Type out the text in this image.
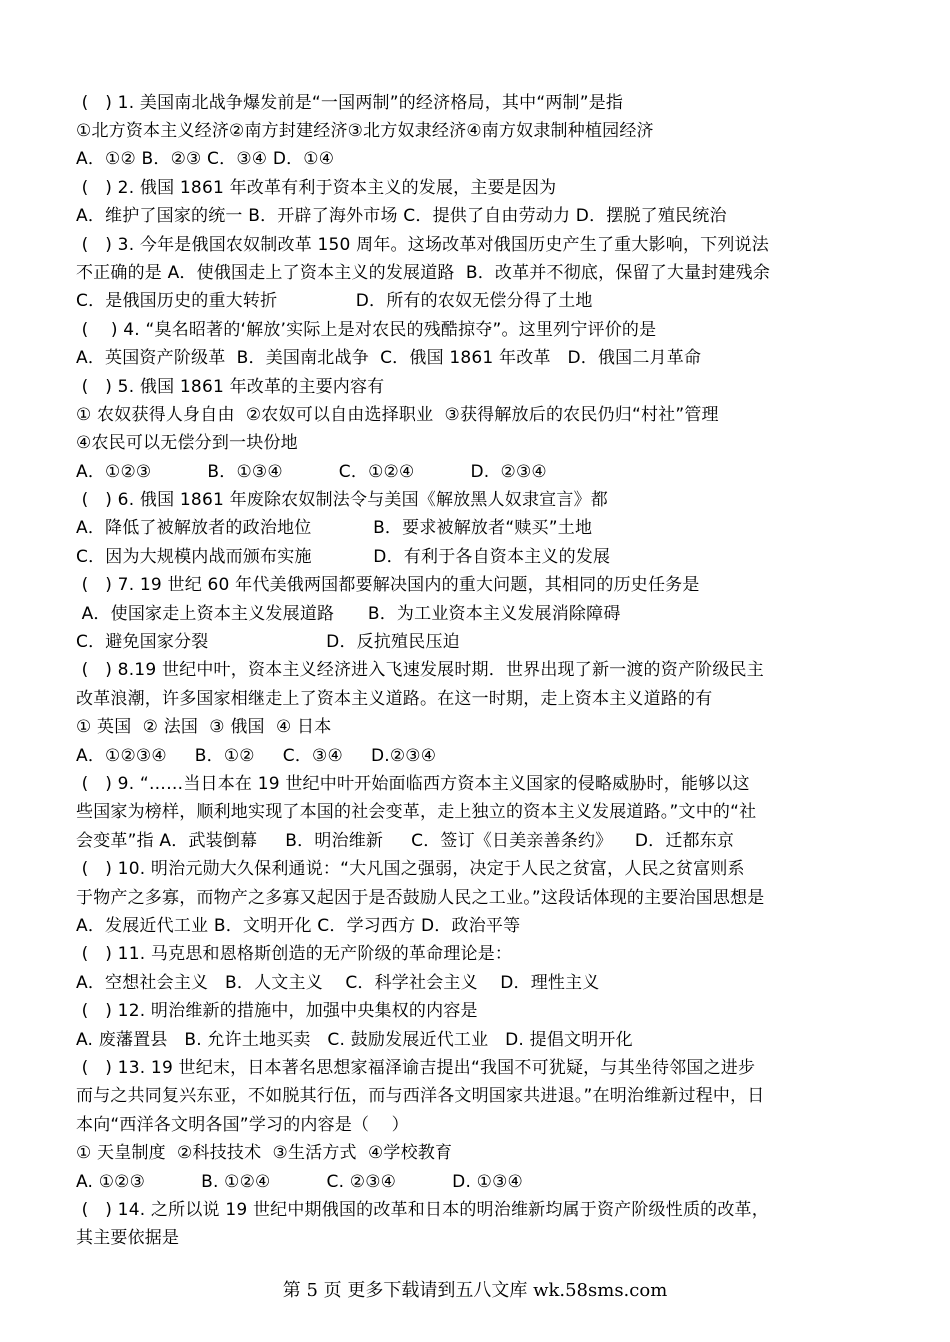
(   ) 1. 美国南北战争爆发前是“一国两制”的经济格局，其中“两制”是指
①北方资本主义经济②南方封建经济③北方奴隶经济④南方奴隶制种植园经济
A．①② B．②③ C．③④ D．①④
(   ) 2. 俄国 1861 年改革有利于资本主义的发展，主要是因为
A．维护了国家的统一 B．开辟了海外市场 C．提供了自由劳动力 D．摆脱了殖民统治
(   ) 3. 今年是俄国农奴制改革 150 周年。这场改革对俄国历史产生了重大影响，下列说法
不正确的是 A．使俄国走上了资本主义的发展道路  B．改革并不彻底，保留了大量封建残余
C．是俄国历史的重大转折              D．所有的农奴无偿分得了土地
(    ) 4. “臭名昭著的‘解放’实际上是对农民的残酷掠夺”。这里列宁评价的是
A．英国资产阶级革  B．美国南北战争  C．俄国 1861 年改革   D．俄国二月革命
(   ) 5. 俄国 1861 年改革的主要内容有
① 农奴获得人身自由  ②农奴可以自由选择职业  ③获得解放后的农民仍归“村社”管理
④农民可以无偿分到一块份地
A．①②③          B．①③④          C．①②④          D.  ②③④
(   ) 6. 俄国 1861 年废除农奴制法令与美国《解放黑人奴隶宣言》都
A．降低了被解放者的政治地位           B．要求被解放者“赎买”土地
C．因为大规模内战而颁布实施           D．有利于各自资本主义的发展
(   ) 7. 19 世纪 60 年代美俄两国都要解决国内的重大问题，其相同的历史任务是
A．使国家走上资本主义发展道路      B．为工业资本主义发展消除障碍
C．避免国家分裂                     D．反抗殖民压迫
(   ) 8.19 世纪中叶，资本主义经济进入飞速发展时期．世界出现了新一渡的资产阶级民主
改革浪潮，许多国家相继走上了资本主义道路。在这一时期，走上资本主义道路的有
① 英国  ② 法国  ③ 俄国  ④ 日本
A．①②③④     B．①②     C．③④     D.②③④
(   ) 9. “……当日本在 19 世纪中叶开始面临西方资本主义国家的侵略威胁时，能够以这
些国家为榜样，顺利地实现了本国的社会变革，走上独立的资本主义发展道路。”文中的“社
会变革”指 A．武装倒幕     B．明治维新     C．签订《日美亲善条约》    D．迁都东京
(   ) 10. 明治元勋大久保利通说：“大凡国之强弱，决定于人民之贫富，人民之贫富则系
于物产之多寡，而物产之多寡又起因于是否鼓励人民之工业。”这段话体现的主要治国思想是
A．发展近代工业 B．文明开化 C．学习西方 D．政治平等
(   ) 11. 马克思和恩格斯创造的无产阶级的革命理论是：
A．空想社会主义   B．人文主义    C．科学社会主义    D．理性主义
(   ) 12. 明治维新的措施中，加强中央集权的内容是
A. 废藩置县   B. 允许土地买卖   C. 鼓励发展近代工业   D. 提倡文明开化
(   ) 13. 19 世纪末，日本著名思想家福泽谕吉提出“我国不可犹疑，与其坐待邻国之进步
而与之共同复兴东亚，不如脱其行伍，而与西洋各文明国家共进退。”在明治维新过程中，日
本向“西洋各文明各国”学习的内容是（    ）
① 天皇制度  ②科技技术  ③生活方式  ④学校教育
A. ①②③          B. ①②④          C. ②③④          D. ①③④
(   ) 14. 之所以说 19 世纪中期俄国的改革和日本的明治维新均属于资产阶级性质的改革，
其主要依据是
第 5 页 更多下载请到五八文库 wk.58sms.com
